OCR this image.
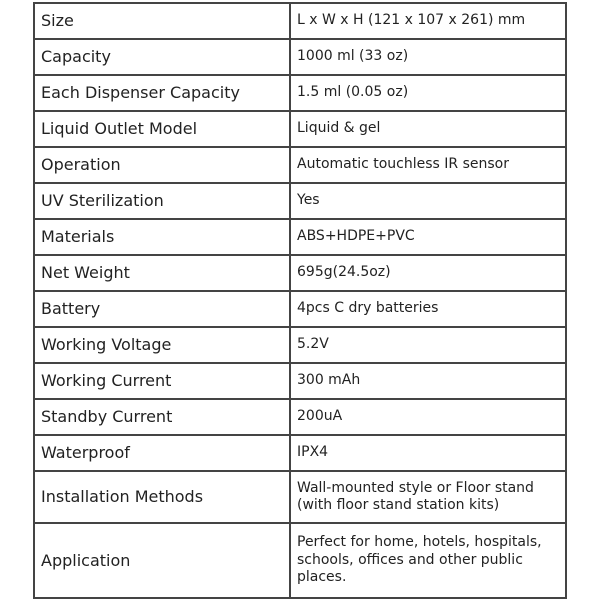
Size	L x W x H (121 x 107 x 261) mm
Capacity	1000 ml (33 oz)
Each Dispenser Capacity	1.5 ml (0.05 oz)
Liquid Outlet Model	Liquid & gel
Operation	Automatic touchless IR sensor
UV Sterilization	Yes
Materials	ABS+HDPE+PVC
Net Weight	695g(24.5oz)
Battery	4pcs C dry batteries
Working Voltage	5.2V
Working Current	300 mAh
Standby Current	200uA
Waterproof	IPX4
Installation Methods	Wall-mounted style or Floor stand (with floor stand station kits)
Application	Perfect for home, hotels, hospitals, schools, offices and other public places.
